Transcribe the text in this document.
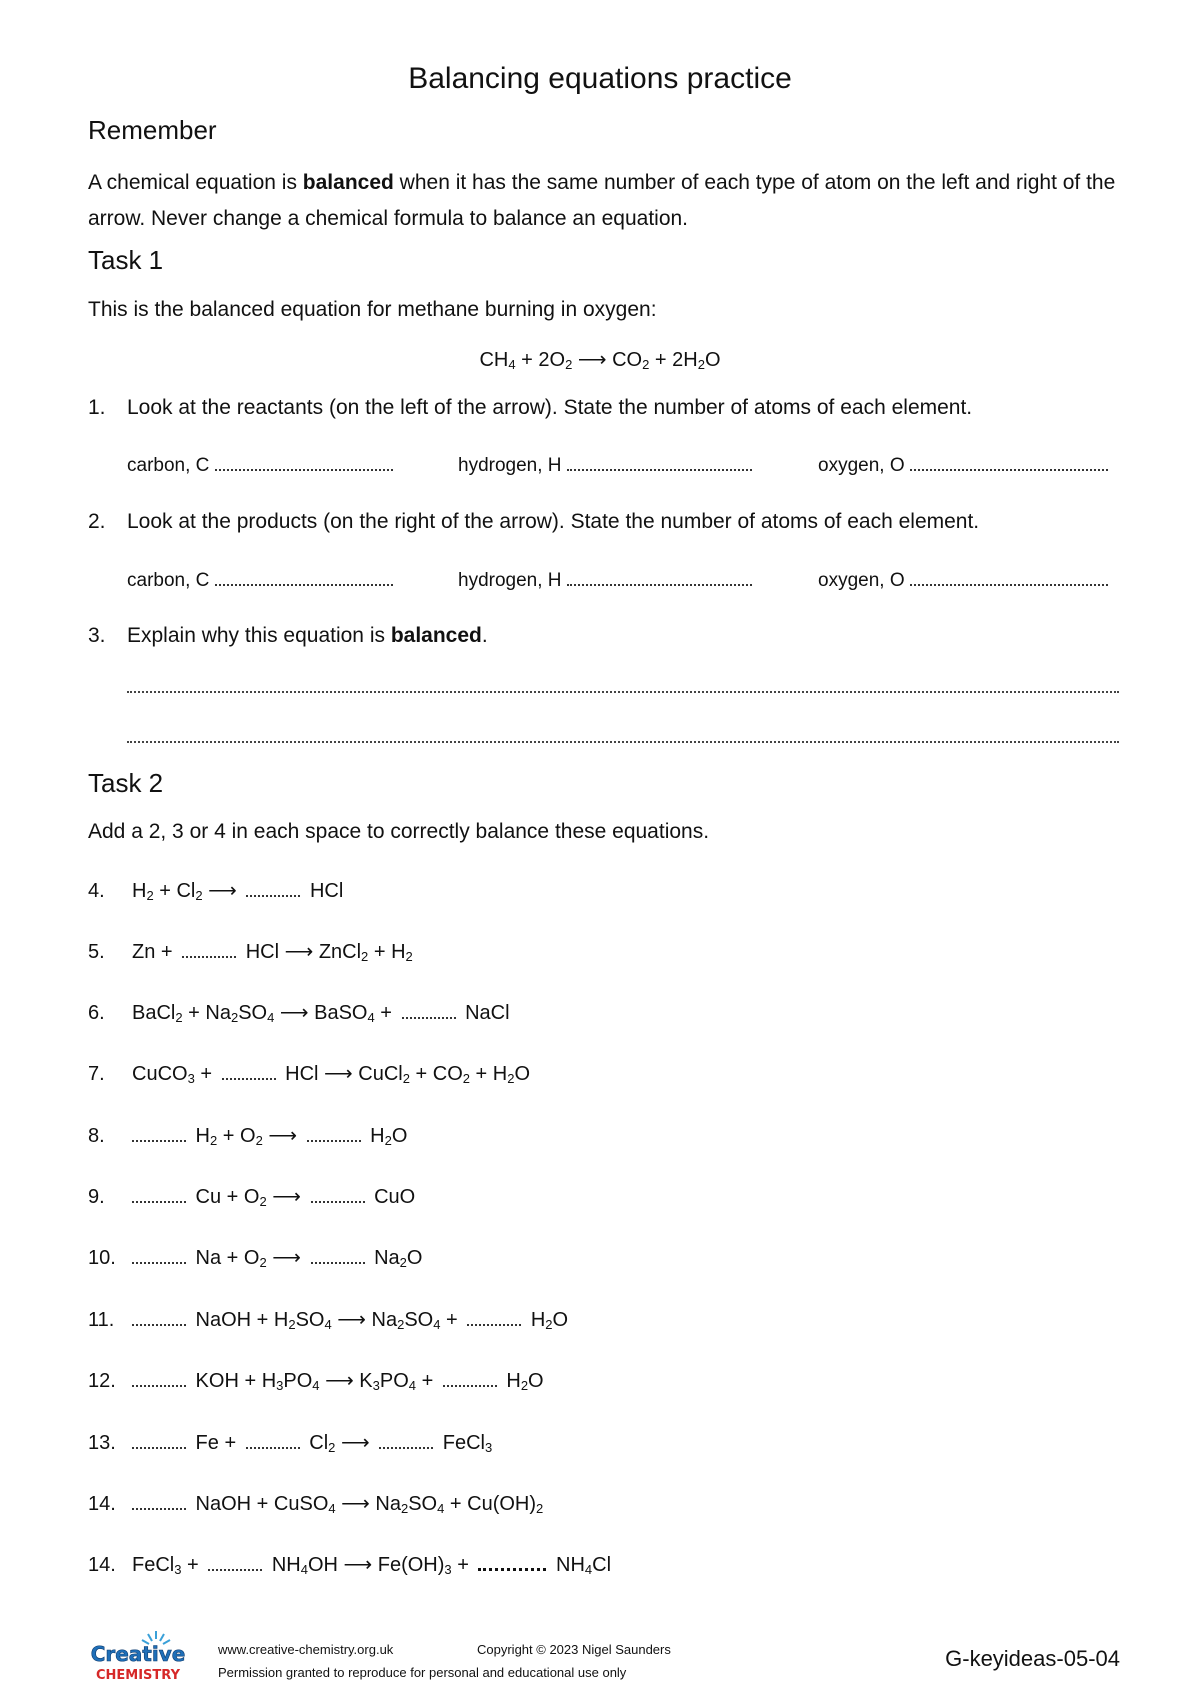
Balancing equations practice
Remember
A chemical equation is balanced when it has the same number of each type of atom on the left and right of the arrow. Never change a chemical formula to balance an equation.
Task 1
This is the balanced equation for methane burning in oxygen:
$CH_4 + 2O_2$ ⟶ $CO_2 + 2H_2O$
1. Look at the reactants (on the left of the arrow). State the number of atoms of each element.
carbon, C	hydrogen, H	oxygen, O
2. Look at the products (on the right of the arrow). State the number of atoms of each element.
carbon, C	hydrogen, H	oxygen, O
3. Explain why this equation is balanced.
Task 2
Add a 2, 3 or 4 in each space to correctly balance these equations.
4. $H_2 + Cl_2$ ⟶	HCl
5. Zn +	HCl ⟶ ZnCl$_2$ + $H_2$
6. BaCl$_2$ + $Na_2SO_4$ ⟶ BaSO$_4$ +	NaCl
7. CuCO$_3$ +	HCl ⟶ CuCl$_2$ + $CO_2 + H_2O$
8.	$H_2 + O_2$ ⟶	$H_2O$
9.	$Cu + O_2$ ⟶	CuO
10.	$Na + O_2$ ⟶	$Na_2O$
11.	NaOH + $H_2SO_4$ ⟶ $Na_2SO_4$ +	$H_2O$
12.	KOH + $H_3PO_4$ ⟶ $K_3PO_4$ +	$H_2O$
13.	Fe +	$Cl_2$ ⟶	FeCl$_3$
14.	NaOH + CuSO$_4$ ⟶ $Na_2SO_4 + Cu(OH)_2$
14. FeCl$_3$ +	$NH_4OH$ ⟶ $Fe(OH)_3$ +	$NH_4Cl$
Creative
CHEMISTRY
www.creative-chemistry.org.uk	Copyright © 2023 Nigel Saunders
Permission granted to reproduce for personal and educational use only
G-keyideas-05-04
